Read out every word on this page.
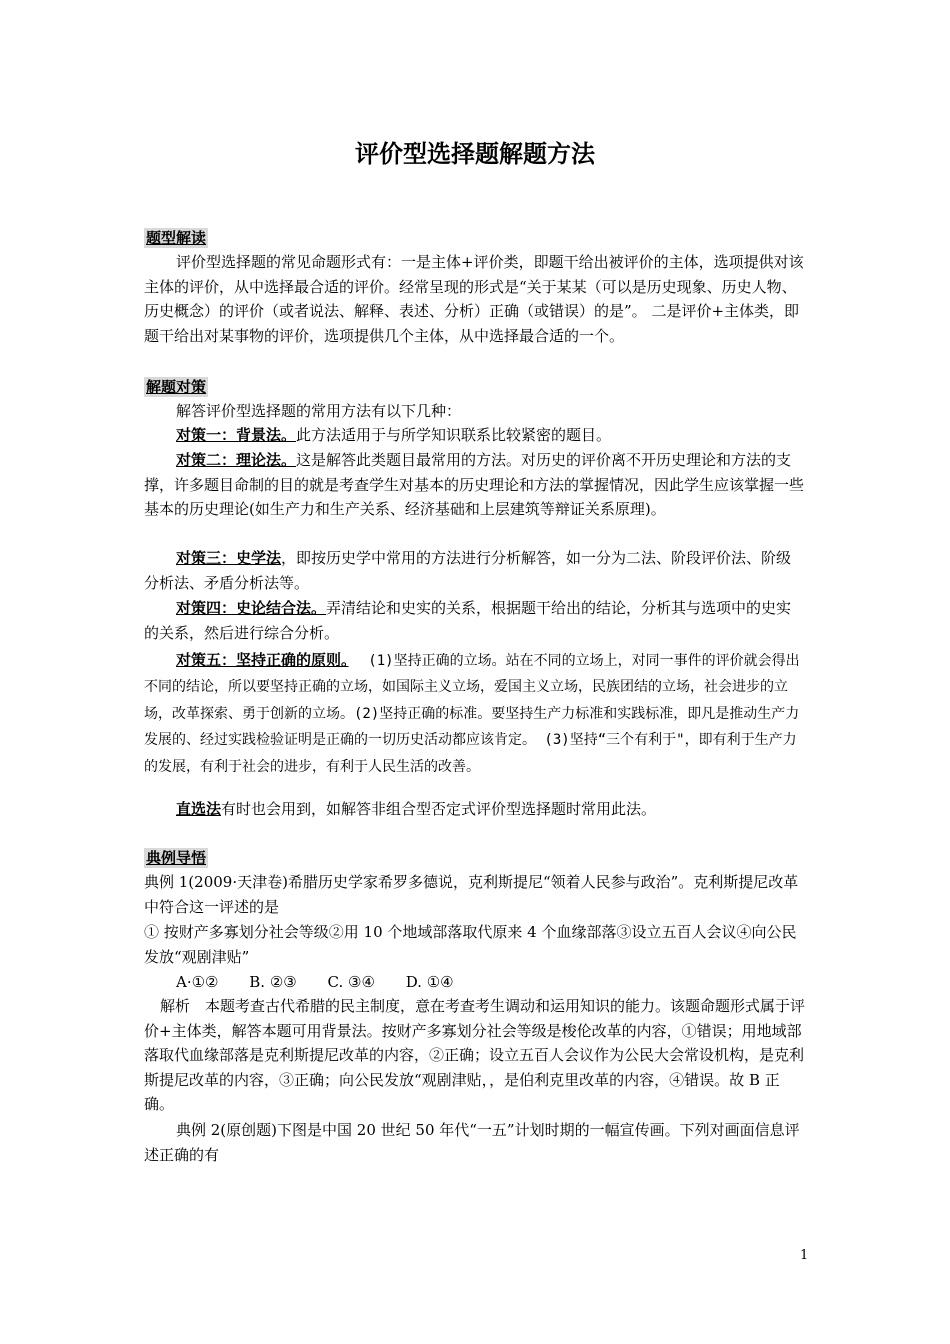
评价型选择题解题方法
题型解读

评价型选择题的常见命题形式有：一是主体+评价类，即题干给出被评价的主体，选项提供对该主体的评价，从中选择最合适的评价。经常呈现的形式是“关于某某（可以是历史现象、历史人物、历史概念）的评价（或者说法、解释、表述、分析）正确（或错误）的是”。 二是评价+主体类，即题干给出对某事物的评价，选项提供几个主体，从中选择最合适的一个。

解题对策

解答评价型选择题的常用方法有以下几种：

对策一：背景法。此方法适用于与所学知识联系比较紧密的题目。

对策二：理论法。这是解答此类题目最常用的方法。对历史的评价离不开历史理论和方法的支撑，许多题目命制的目的就是考查学生对基本的历史理论和方法的掌握情况，因此学生应该掌握一些基本的历史理论(如生产力和生产关系、经济基础和上层建筑等辩证关系原理)。

对策三：史学法，即按历史学中常用的方法进行分析解答，如一分为二法、阶段评价法、阶级分析法、矛盾分析法等。

对策四：史论结合法。弄清结论和史实的关系，根据题干给出的结论，分析其与选项中的史实的关系，然后进行综合分析。

对策五：坚持正确的原则。　 (1)坚持正确的立场。站在不同的立场上，对同一事件的评价就会得出不同的结论，所以要坚持正确的立场，如国际主义立场，爱国主义立场，民族团结的立场，社会进步的立场，改革探索、勇于创新的立场。(2)坚持正确的标准。要坚持生产力标准和实践标准，即凡是推动生产力发展的、经过实践检验证明是正确的一切历史活动都应该肯定。 (3)坚持“三个有利于"，即有利于生产力的发展，有利于社会的进步，有利于人民生活的改善。

直选法有时也会用到，如解答非组合型否定式评价型选择题时常用此法。

典例导悟

典例 1(2009·天津卷)希腊历史学家希罗多德说，克利斯提尼“领着人民参与政治”。克利斯提尼改革中符合这一评述的是

① 按财产多寡划分社会等级②用 10 个地域部落取代原来 4 个血缘部落③设立五百人会议④向公民发放“观剧津贴”

A·①② B. ②③ C. ③④ D. ①④

解析　本题考查古代希腊的民主制度，意在考查考生调动和运用知识的能力。该题命题形式属于评价+主体类，解答本题可用背景法。按财产多寡划分社会等级是梭伦改革的内容，①错误；用地域部落取代血缘部落是克利斯提尼改革的内容，②正确；设立五百人会议作为公民大会常设机构，是克利斯提尼改革的内容，③正确；向公民发放“观剧津贴，，是伯利克里改革的内容，④错误。故 B 正确。

典例 2(原创题)下图是中国 20 世纪 50 年代“一五”计划时期的一幅宣传画。下列对画面信息评述正确的有

1
